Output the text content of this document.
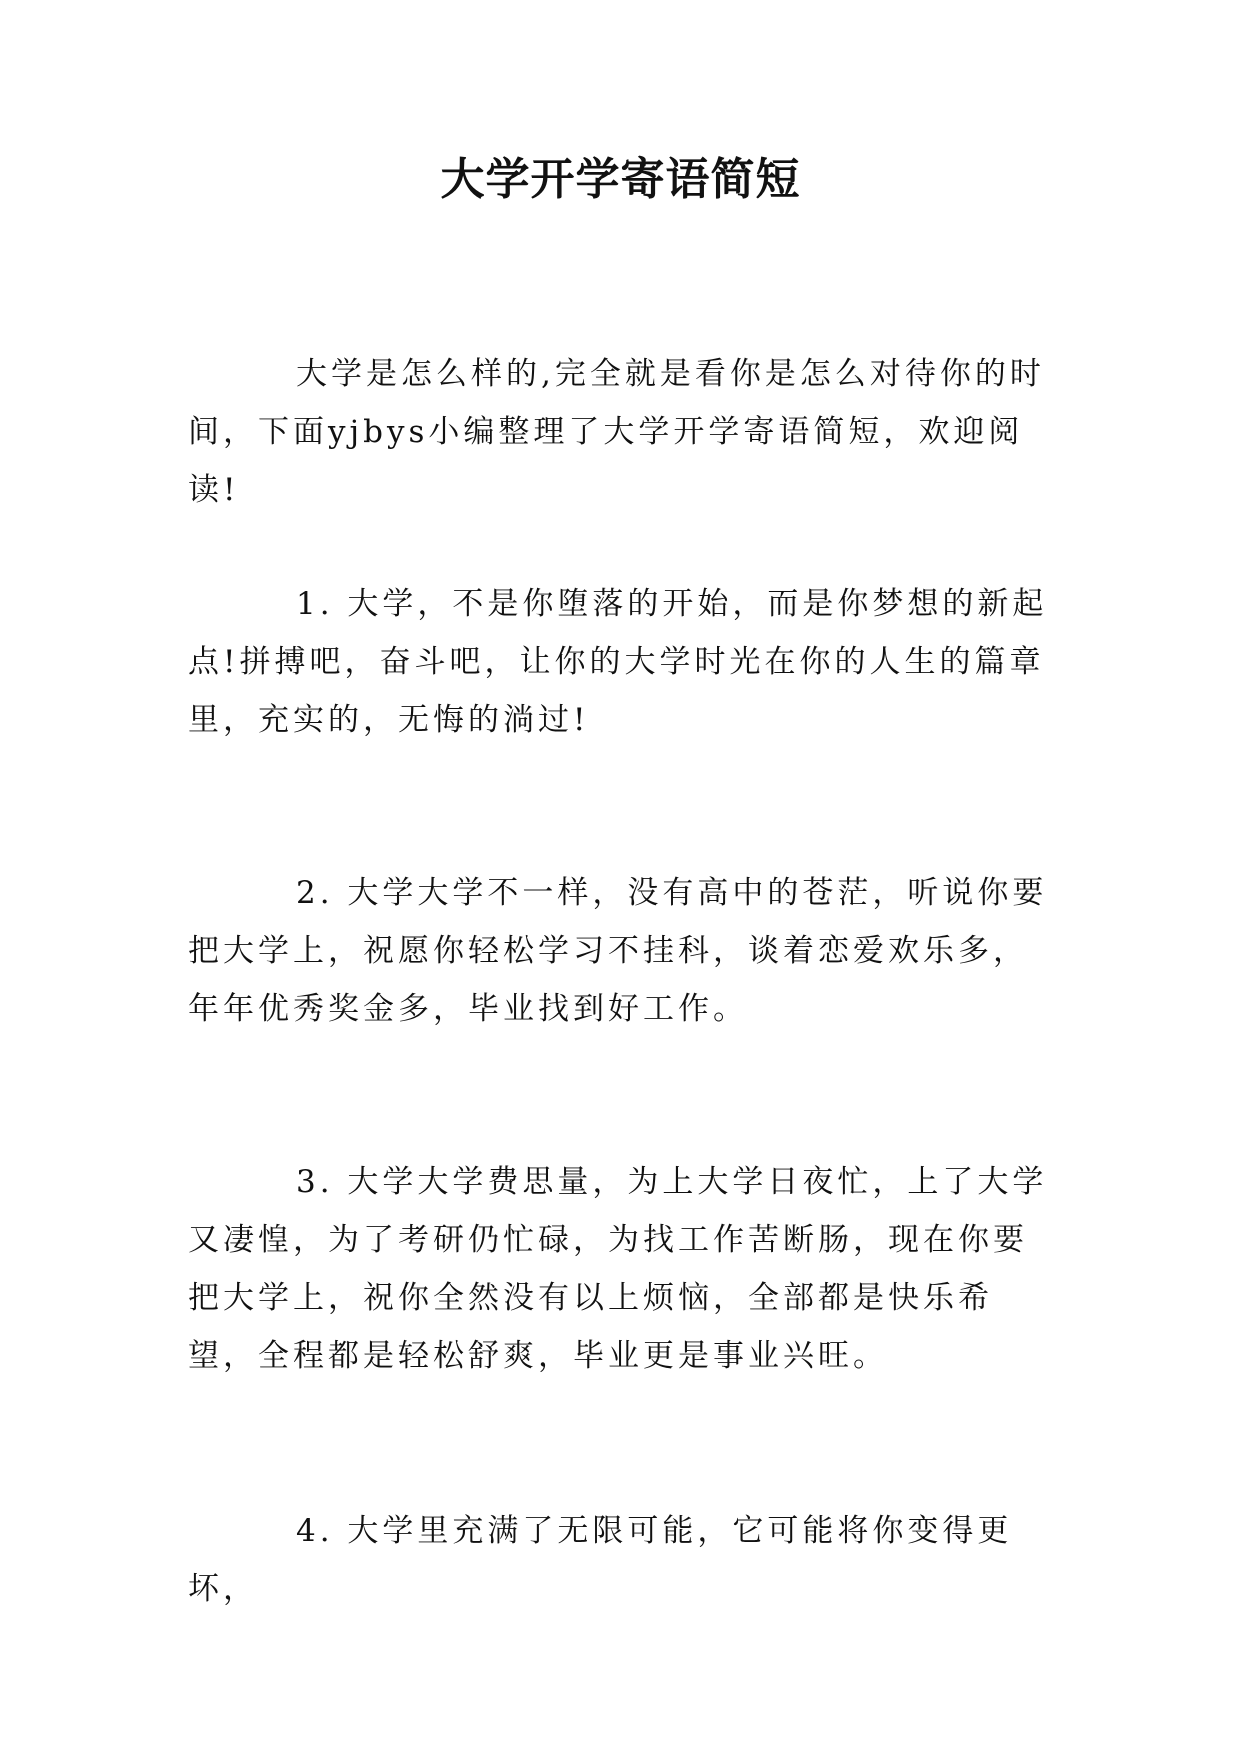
大学开学寄语简短

大学是怎么样的,完全就是看你是怎么对待你的时间，下面yjbys小编整理了大学开学寄语简短，欢迎阅读!

1. 大学，不是你堕落的开始，而是你梦想的新起点!拼搏吧，奋斗吧，让你的大学时光在你的人生的篇章里，充实的，无悔的淌过!

2. 大学大学不一样，没有高中的苍茫，听说你要把大学上，祝愿你轻松学习不挂科，谈着恋爱欢乐多，年年优秀奖金多，毕业找到好工作。

3. 大学大学费思量，为上大学日夜忙，上了大学又凄惶，为了考研仍忙碌，为找工作苦断肠，现在你要把大学上，祝你全然没有以上烦恼，全部都是快乐希望，全程都是轻松舒爽，毕业更是事业兴旺。

4. 大学里充满了无限可能，它可能将你变得更坏，
